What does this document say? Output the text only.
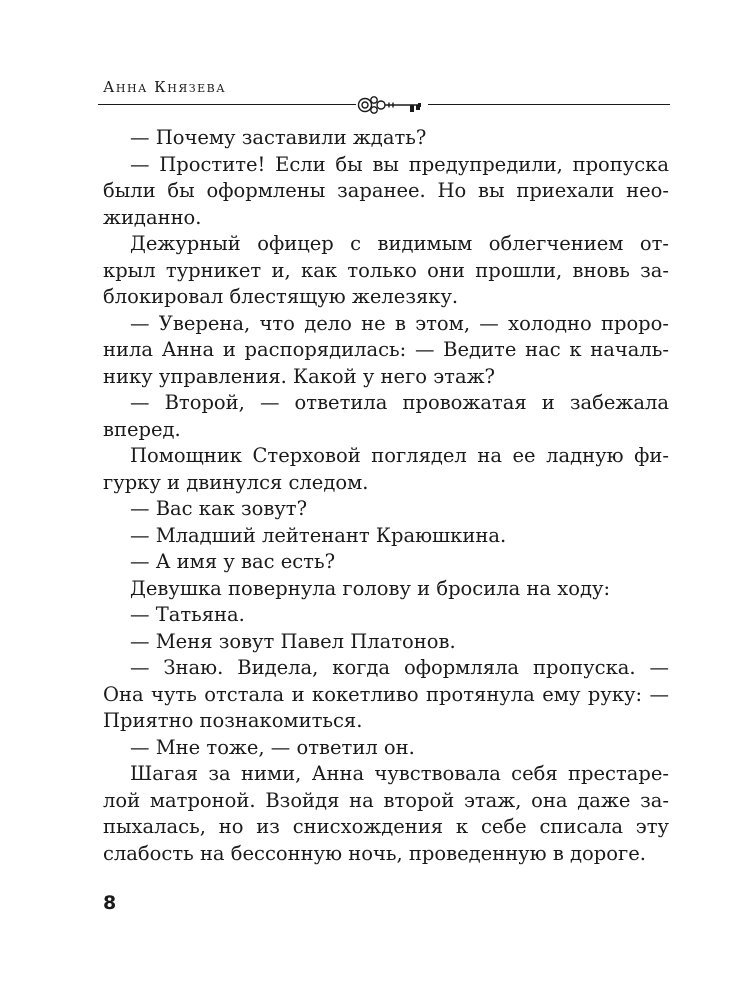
Анна Князева
— Почему заставили ждать?
— Простите! Если бы вы предупредили, пропуска
были бы оформлены заранее. Но вы приехали нео-
жиданно.
Дежурный офицер с видимым облегчением от-
крыл турникет и, как только они прошли, вновь за-
блокировал блестящую железяку.
— Уверена, что дело не в этом, — холодно проро-
нила Анна и распорядилась: — Ведите нас к началь-
нику управления. Какой у него этаж?
— Второй, — ответила провожатая и забежала
вперед.
Помощник Стерховой поглядел на ее ладную фи-
гурку и двинулся следом.
— Вас как зовут?
— Младший лейтенант Краюшкина.
— А имя у вас есть?
Девушка повернула голову и бросила на ходу:
— Татьяна.
— Меня зовут Павел Платонов.
— Знаю. Видела, когда оформляла пропуска. —
Она чуть отстала и кокетливо протянула ему руку: —
Приятно познакомиться.
— Мне тоже, — ответил он.
Шагая за ними, Анна чувствовала себя престаре-
лой матроной. Взойдя на второй этаж, она даже за-
пыхалась, но из снисхождения к себе списала эту
слабость на бессонную ночь, проведенную в дороге.
8
